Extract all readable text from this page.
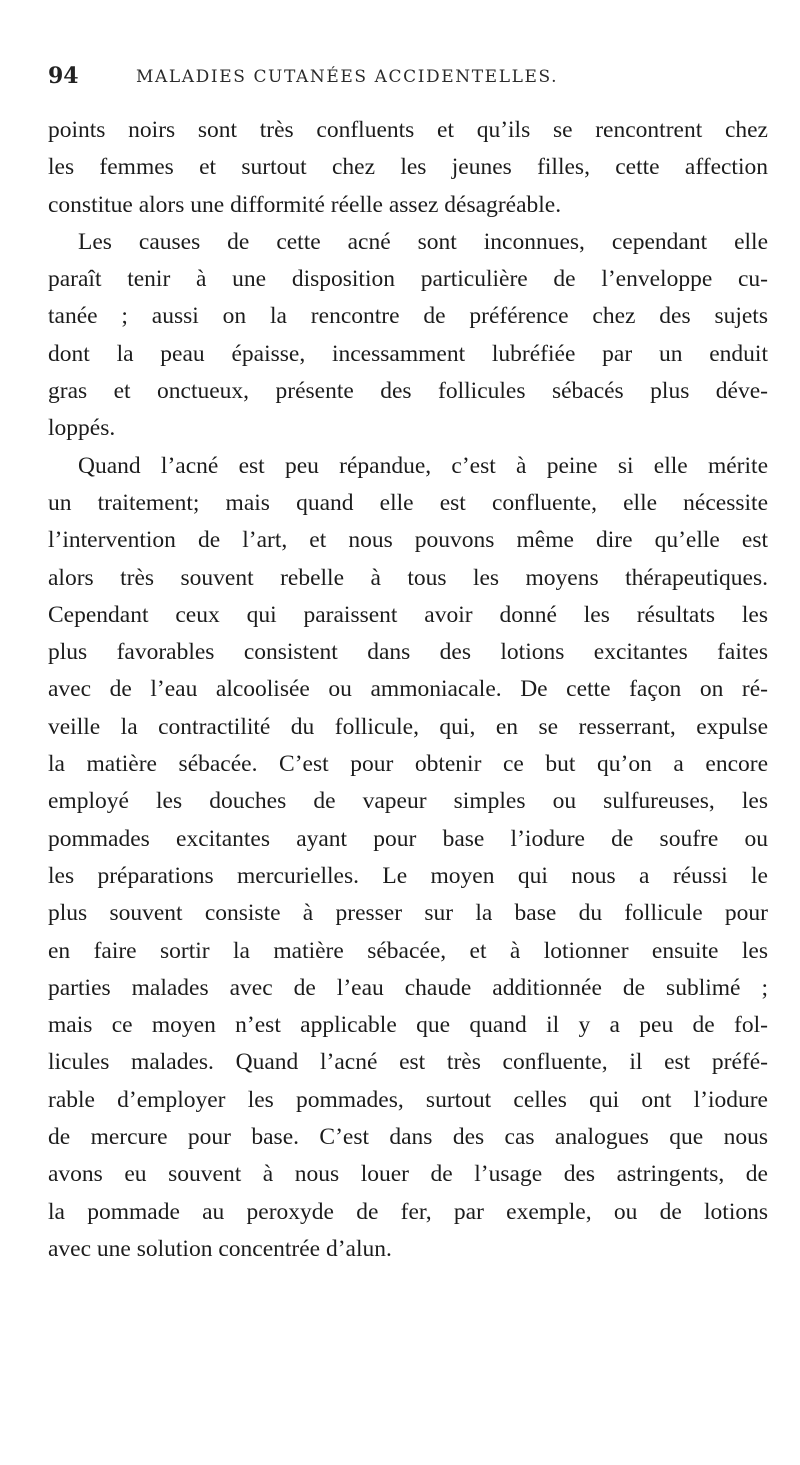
94	MALADIES CUTANÉES ACCIDENTELLES.
points noirs sont très confluents et qu’ils se rencontrent chez
les femmes et surtout chez les jeunes filles, cette affection
constitue alors une difformité réelle assez désagréable.
Les causes de cette acné sont inconnues, cependant elle
paraît tenir à une disposition particulière de l’enveloppe cu-
tanée ; aussi on la rencontre de préférence chez des sujets
dont la peau épaisse, incessamment lubréfiée par un enduit
gras et onctueux, présente des follicules sébacés plus déve-
loppés.
Quand l’acné est peu répandue, c’est à peine si elle mérite
un traitement; mais quand elle est confluente, elle nécessite
l’intervention de l’art, et nous pouvons même dire qu’elle est
alors très souvent rebelle à tous les moyens thérapeutiques.
Cependant ceux qui paraissent avoir donné les résultats les
plus favorables consistent dans des lotions excitantes faites
avec de l’eau alcoolisée ou ammoniacale. De cette façon on ré-
veille la contractilité du follicule, qui, en se resserrant, expulse
la matière sébacée. C’est pour obtenir ce but qu’on a encore
employé les douches de vapeur simples ou sulfureuses, les
pommades excitantes ayant pour base l’iodure de soufre ou
les préparations mercurielles. Le moyen qui nous a réussi le
plus souvent consiste à presser sur la base du follicule pour
en faire sortir la matière sébacée, et à lotionner ensuite les
parties malades avec de l’eau chaude additionnée de sublimé ;
mais ce moyen n’est applicable que quand il y a peu de fol-
licules malades. Quand l’acné est très confluente, il est préfé-
rable d’employer les pommades, surtout celles qui ont l’iodure
de mercure pour base. C’est dans des cas analogues que nous
avons eu souvent à nous louer de l’usage des astringents, de
la pommade au peroxyde de fer, par exemple, ou de lotions
avec une solution concentrée d’alun.
